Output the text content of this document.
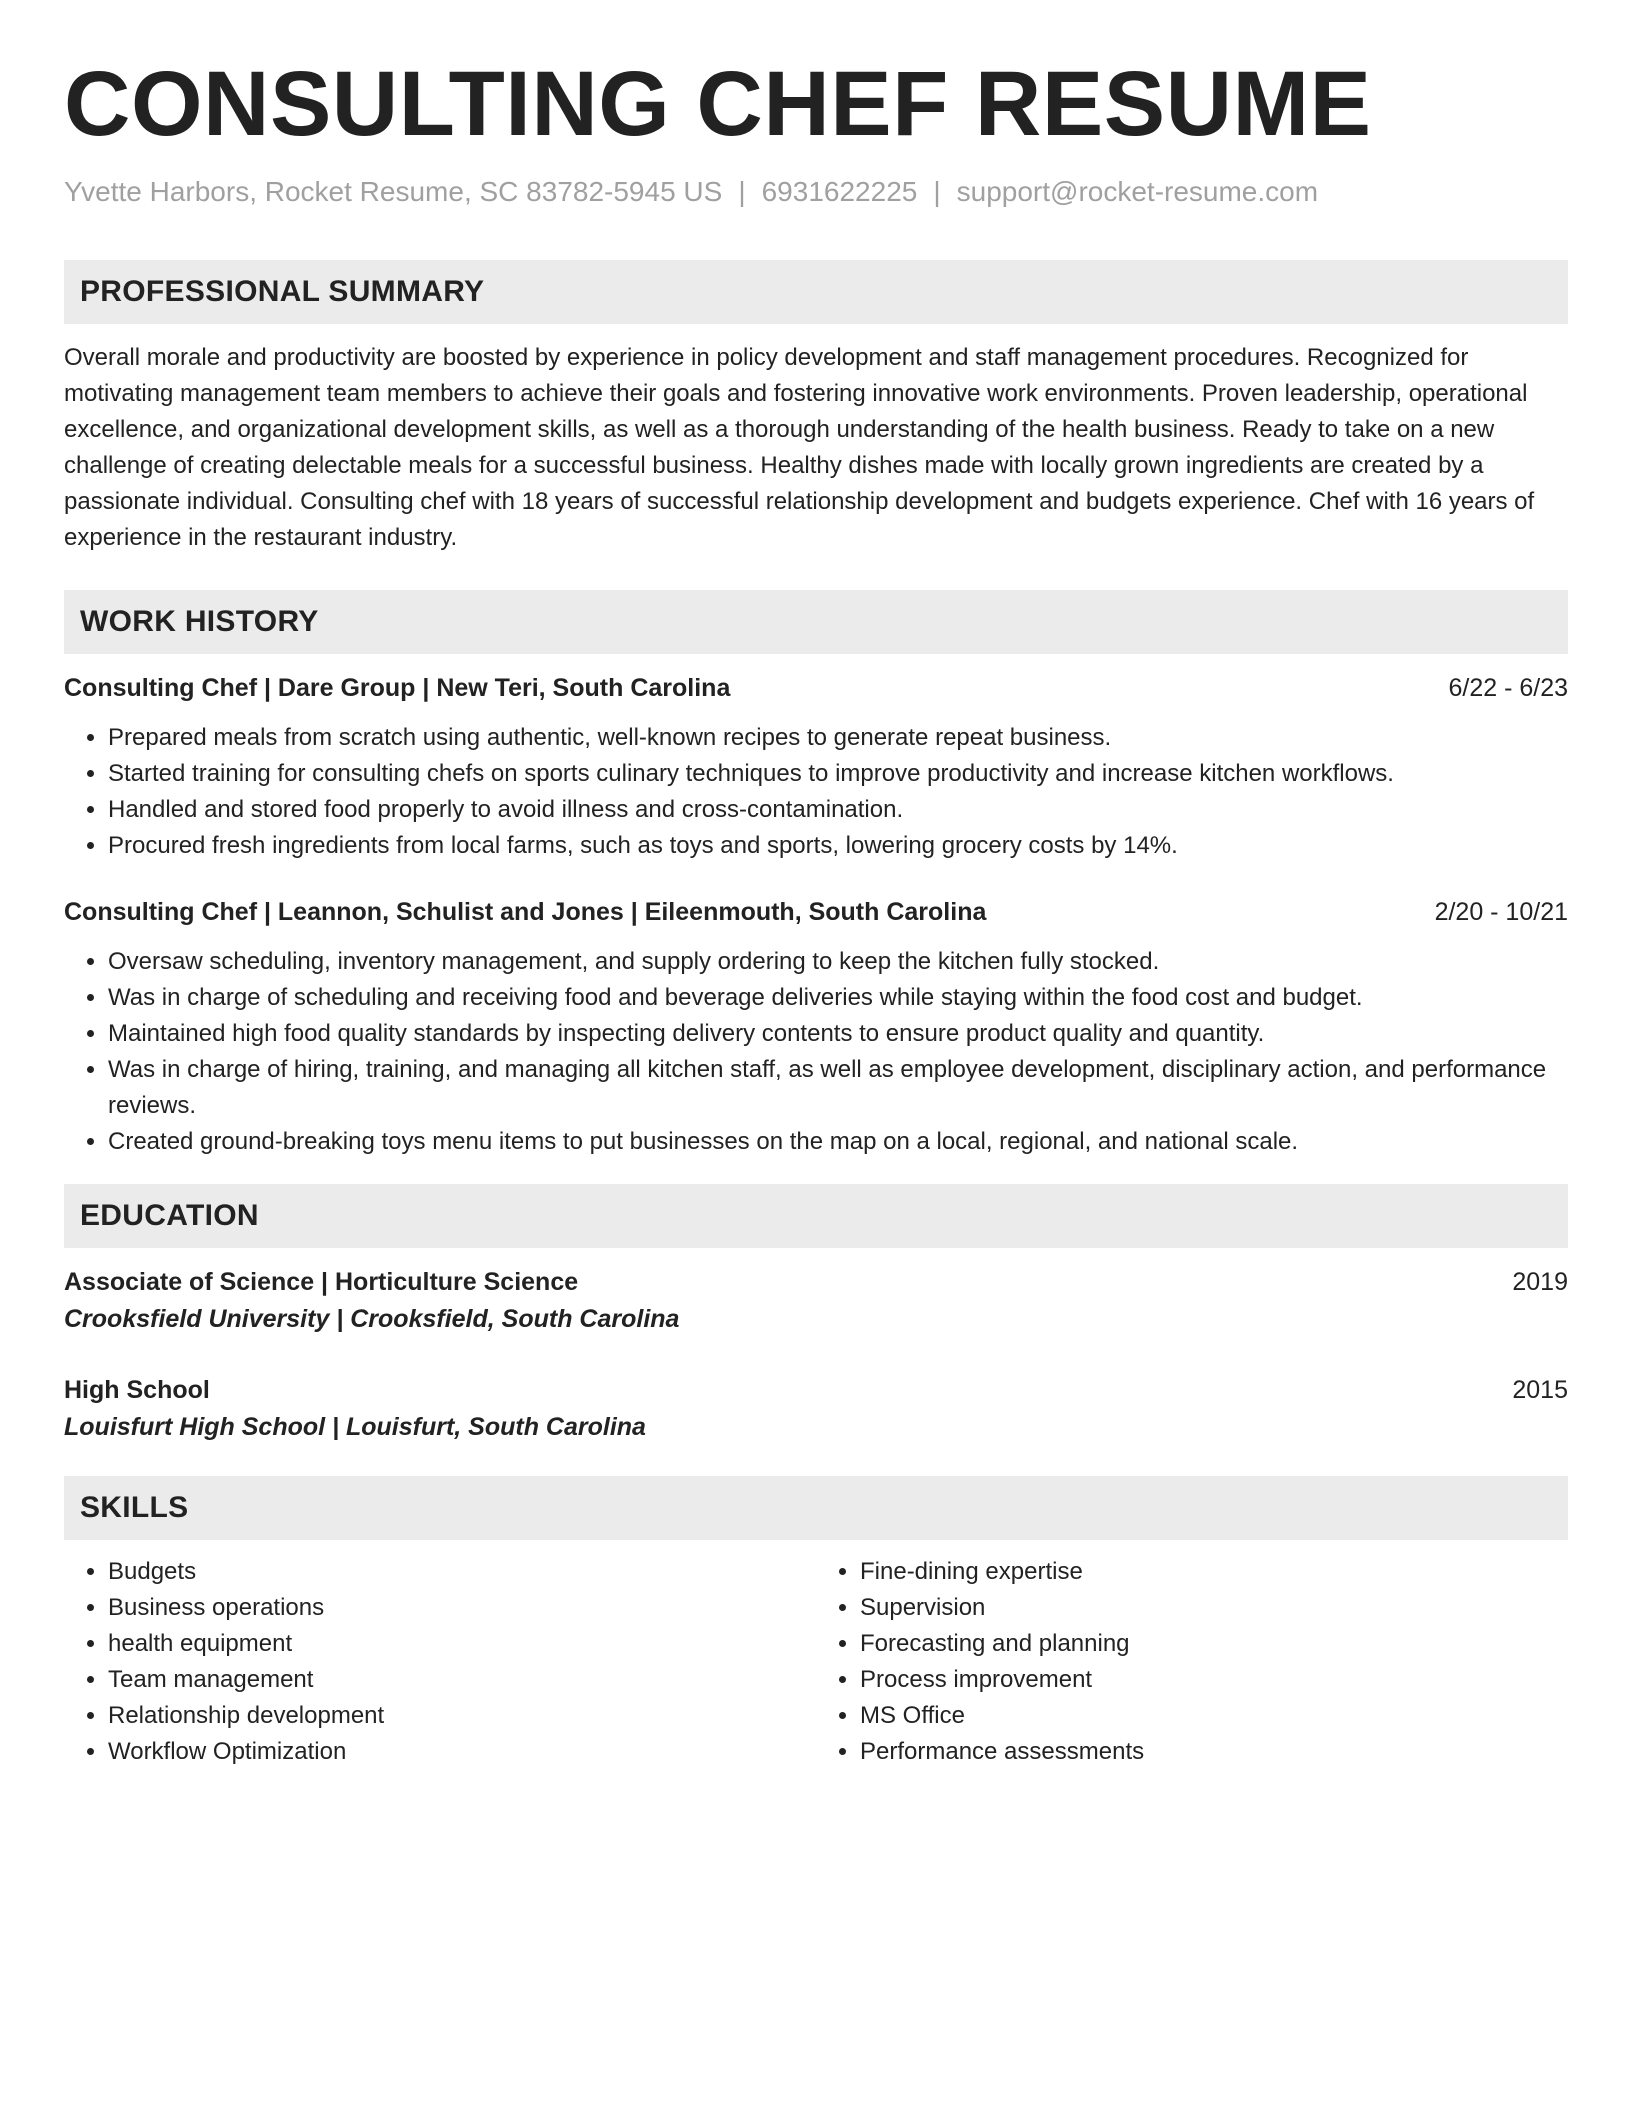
CONSULTING CHEF RESUME
Yvette Harbors, Rocket Resume, SC 83782-5945 US | 6931622225 | support@rocket-resume.com
PROFESSIONAL SUMMARY

Overall morale and productivity are boosted by experience in policy development and staff management procedures. Recognized for motivating management team members to achieve their goals and fostering innovative work environments. Proven leadership, operational excellence, and organizational development skills, as well as a thorough understanding of the health business. Ready to take on a new challenge of creating delectable meals for a successful business. Healthy dishes made with locally grown ingredients are created by a passionate individual. Consulting chef with 18 years of successful relationship development and budgets experience. Chef with 16 years of experience in the restaurant industry.

WORK HISTORY
Consulting Chef | Dare Group | New Teri, South Carolina	6/22 - 6/23
• Prepared meals from scratch using authentic, well-known recipes to generate repeat business.
• Started training for consulting chefs on sports culinary techniques to improve productivity and increase kitchen workflows.
• Handled and stored food properly to avoid illness and cross-contamination.
• Procured fresh ingredients from local farms, such as toys and sports, lowering grocery costs by 14%.
Consulting Chef | Leannon, Schulist and Jones | Eileenmouth, South Carolina	2/20 - 10/21
• Oversaw scheduling, inventory management, and supply ordering to keep the kitchen fully stocked.
• Was in charge of scheduling and receiving food and beverage deliveries while staying within the food cost and budget.
• Maintained high food quality standards by inspecting delivery contents to ensure product quality and quantity.
• Was in charge of hiring, training, and managing all kitchen staff, as well as employee development, disciplinary action, and performance reviews.
• Created ground-breaking toys menu items to put businesses on the map on a local, regional, and national scale.
EDUCATION
Associate of Science | Horticulture Science	2019
Crooksfield University | Crooksfield, South Carolina
High School	2015
Louisfurt High School | Louisfurt, South Carolina
SKILLS
• Budgets
• Business operations
• health equipment
• Team management
• Relationship development
• Workflow Optimization
• Fine-dining expertise
• Supervision
• Forecasting and planning
• Process improvement
• MS Office
• Performance assessments
